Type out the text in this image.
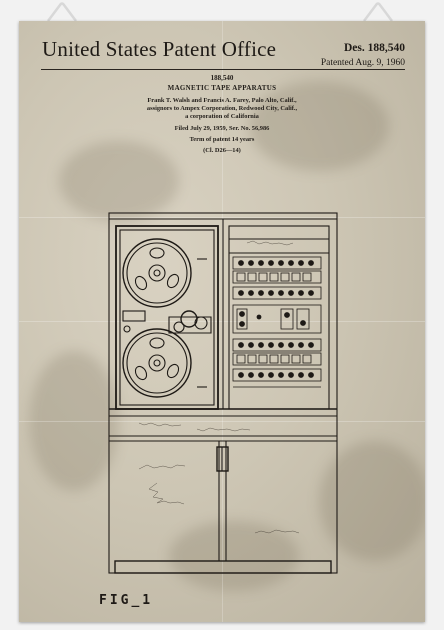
United States Patent Office	Des. 188,540
Patented Aug. 9, 1960
188,540
MAGNETIC TAPE APPARATUS
Frank T. Walsh and Francis A. Farey, Palo Alto, Calif.,
assignors to Ampex Corporation, Redwood City, Calif.,
a corporation of California
Filed July 29, 1959, Ser. No. 56,986
Term of patent 14 years
(Cl. D26—14)
FIG_1
